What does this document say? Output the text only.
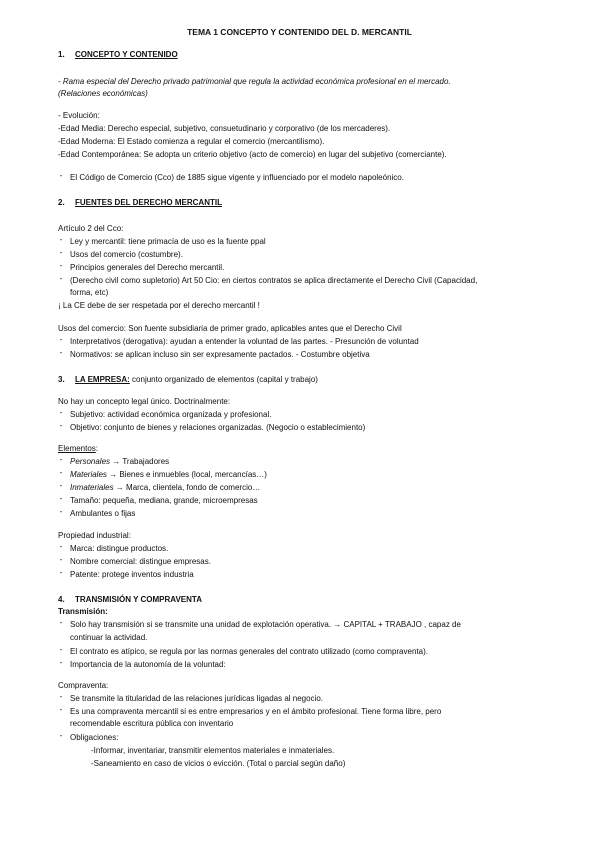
TEMA 1 CONCEPTO Y CONTENIDO DEL D. MERCANTIL
1. CONCEPTO Y CONTENIDO
- Rama especial del Derecho privado patrimonial que regula la actividad económica profesional en el mercado.
(Relaciones económicas)
- Evolución:
-Edad Media: Derecho especial, subjetivo, consuetudinario y corporativo (de los mercaderes).
-Edad Moderna: El Estado comienza a regular el comercio (mercantilismo).
-Edad Contemporánea: Se adopta un criterio objetivo (acto de comercio) en lugar del subjetivo (comerciante).
- El Código de Comercio (Cco) de 1885 sigue vigente y influenciado por el modelo napoleónico.
2. FUENTES DEL DERECHO MERCANTIL
Artículo 2 del Cco:
- Ley y mercantil: tiene primacía de uso es la fuente ppal
- Usos del comercio (costumbre).
- Principios generales del Derecho mercantil.
- (Derecho civil como supletorio) Art 50 Cio: en ciertos contratos se aplica directamente el Derecho Civil (Capacidad,
forma, etc)
¡ La CE debe de ser respetada por el derecho mercantil !
Usos del comercio: Son fuente subsidiaria de primer grado, aplicables antes que el Derecho Civil
- Interpretativos (derogativa): ayudan a entender la voluntad de las partes. - Presunción de voluntad
- Normativos: se aplican incluso sin ser expresamente pactados. - Costumbre objetiva
3. LA EMPRESA: conjunto organizado de elementos (capital y trabajo)
No hay un concepto legal único. Doctrinalmente:
- Subjetivo: actividad económica organizada y profesional.
- Objetivo: conjunto de bienes y relaciones organizadas. (Negocio o establecimiento)
Elementos:
- Personales → Trabajadores
- Materiales → Bienes e inmuebles (local, mercancías…)
- Inmateriales → Marca, clientela, fondo de comercio…
- Tamaño: pequeña, mediana, grande, microempresas
- Ambulantes o fijas
Propiedad industrial:
- Marca: distingue productos.
- Nombre comercial: distingue empresas.
- Patente: protege inventos industria
4. TRANSMISIÓN Y COMPRAVENTA
Transmisión:
- Solo hay transmisión si se transmite una unidad de explotación operativa. → CAPITAL + TRABAJO , capaz de
continuar la actividad.
- El contrato es atípico, se regula por las normas generales del contrato utilizado (como compraventa).
- Importancia de la autonomía de la voluntad:
Compraventa:
- Se transmite la titularidad de las relaciones jurídicas ligadas al negocio.
- Es una compraventa mercantil si es entre empresarios y en el ámbito profesional. Tiene forma libre, pero
recomendable escritura pública con inventario
- Obligaciones:
-Informar, inventariar, transmitir elementos materiales e inmateriales.
-Saneamiento en caso de vicios o evicción. (Total o parcial según daño)
